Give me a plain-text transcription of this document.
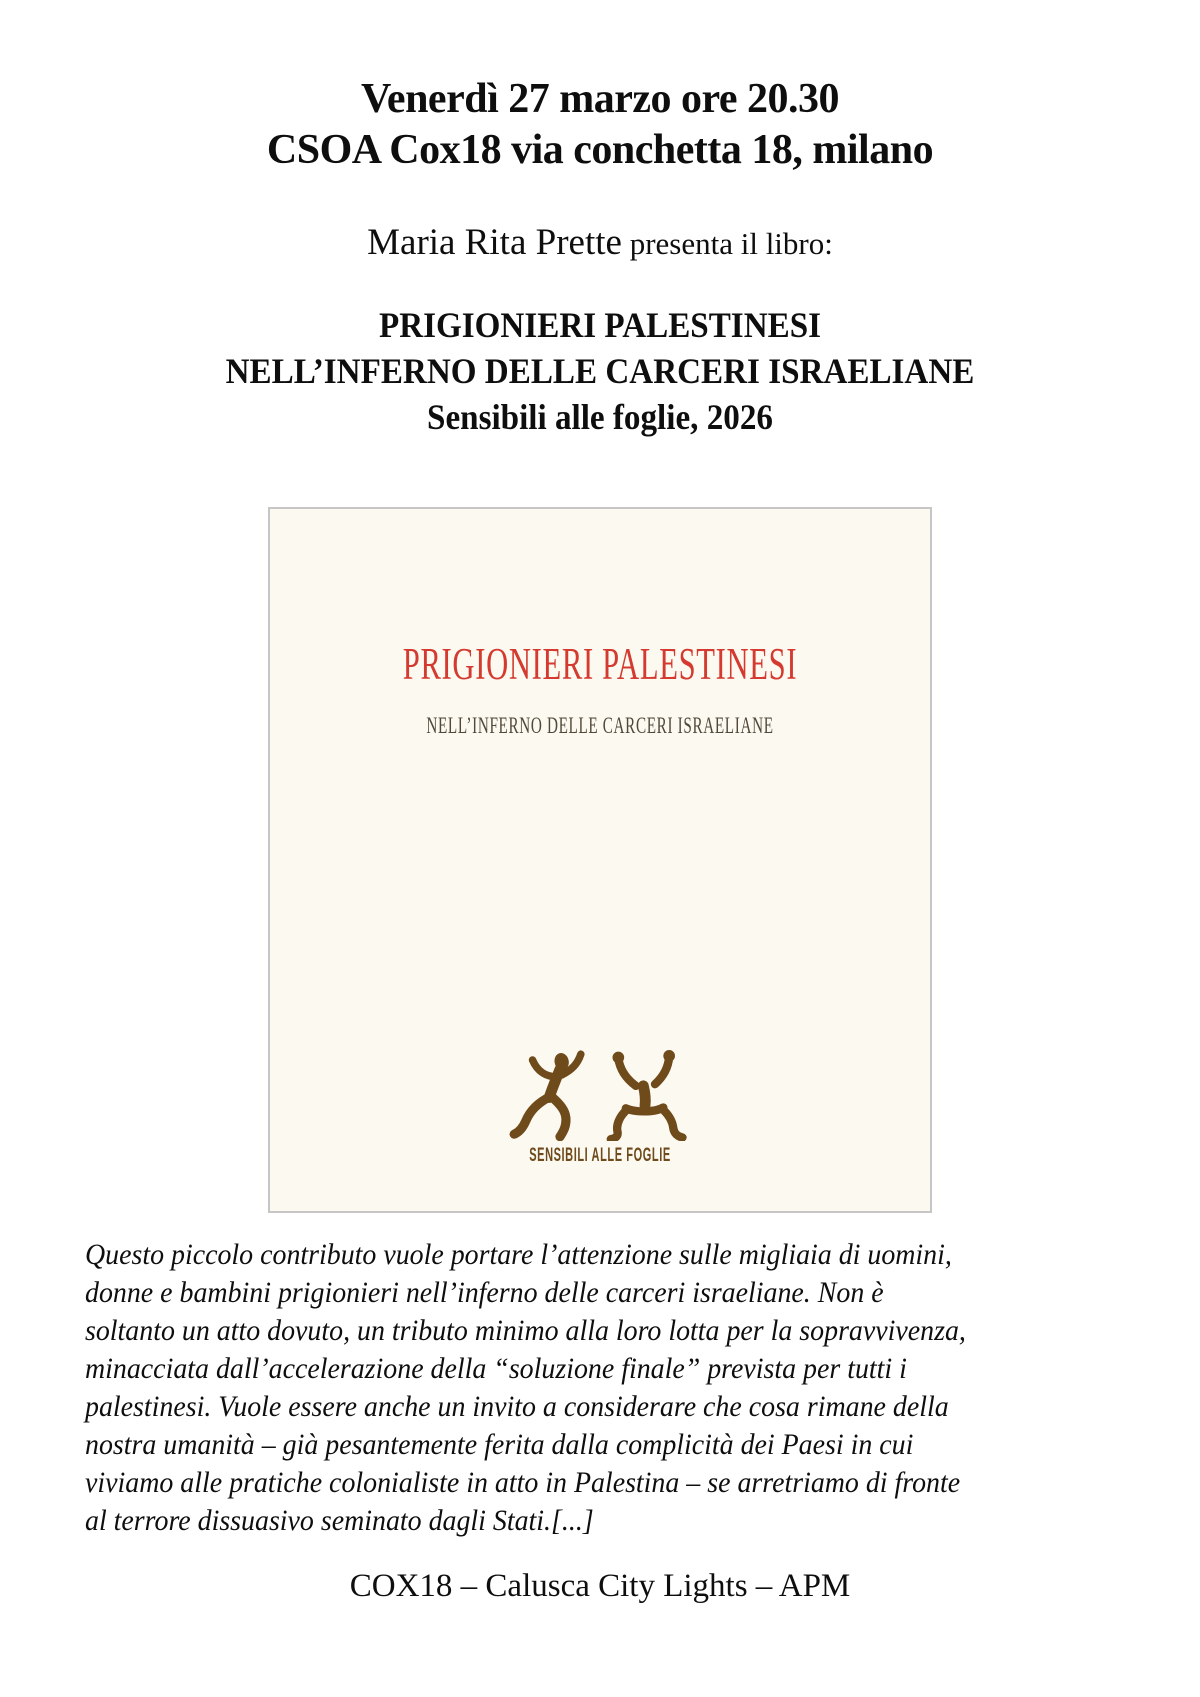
Venerdì 27 marzo ore 20.30
CSOA Cox18 via conchetta 18, milano
Maria Rita Prette presenta il libro:
PRIGIONIERI PALESTINESI
NELL’INFERNO DELLE CARCERI ISRAELIANE
Sensibili alle foglie, 2026
PRIGIONIERI PALESTINESI
NELL’INFERNO DELLE CARCERI ISRAELIANE
SENSIBILI ALLE FOGLIE
Questo piccolo contributo vuole portare l’attenzione sulle migliaia di uomini,
donne e bambini prigionieri nell’inferno delle carceri israeliane. Non è
soltanto un atto dovuto, un tributo minimo alla loro lotta per la sopravvivenza,
minacciata dall’accelerazione della “soluzione finale” prevista per tutti i
palestinesi. Vuole essere anche un invito a considerare che cosa rimane della
nostra umanità – già pesantemente ferita dalla complicità dei Paesi in cui
viviamo alle pratiche colonialiste in atto in Palestina – se arretriamo di fronte
al terrore dissuasivo seminato dagli Stati.[...]
COX18 – Calusca City Lights – APM
